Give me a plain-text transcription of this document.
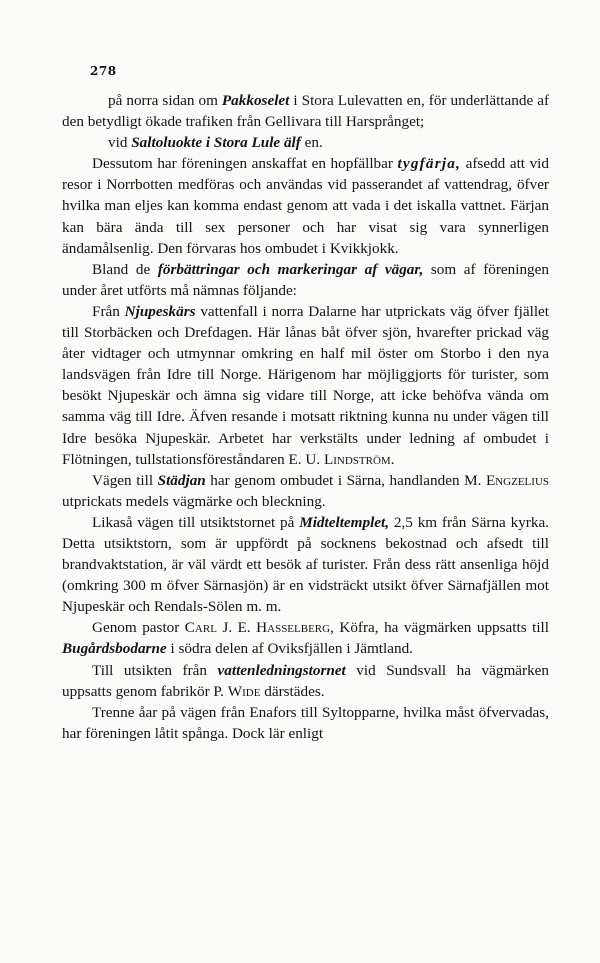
278

på norra sidan om Pakkoselet i Stora Lulevatten en, för underlättande af den betydligt ökade trafiken från Gellivara till Harsprånget;

vid Saltoluokte i Stora Lule älf en.

Dessutom har föreningen anskaffat en hopfällbar tygfärja, afsedd att vid resor i Norrbotten medföras och användas vid passerandet af vattendrag, öfver hvilka man eljes kan komma endast genom att vada i det iskalla vattnet. Färjan kan bära ända till sex personer och har visat sig vara synnerligen ändamålsenlig. Den förvaras hos ombudet i Kvikkjokk.

Bland de förbättringar och markeringar af vägar, som af föreningen under året utförts må nämnas följande:

Från Njupeskärs vattenfall i norra Dalarne har utprickats väg öfver fjället till Storbäcken och Drefdagen. Här lånas båt öfver sjön, hvarefter prickad väg åter vidtager och utmynnar omkring en half mil öster om Storbo i den nya landsvägen från Idre till Norge. Härigenom har möjliggjorts för turister, som besökt Njupeskär och ämna sig vidare till Norge, att icke behöfva vända om samma väg till Idre. Äfven resande i motsatt riktning kunna nu under vägen till Idre besöka Njupeskär. Arbetet har verkstälts under ledning af ombudet i Flötningen, tullstationsföreståndaren E. U. Lindström.

Vägen till Städjan har genom ombudet i Särna, handlanden M. Engzelius utprickats medels vägmärke och bleckning.

Likaså vägen till utsiktstornet på Midteltemplet, 2,5 km från Särna kyrka. Detta utsiktstorn, som är uppfördt på socknens bekostnad och afsedt till brandvaktstation, är väl värdt ett besök af turister. Från dess rätt ansenliga höjd (omkring 300 m öfver Särnasjön) är en vidsträckt utsikt öfver Särnafjällen mot Njupeskär och Rendals-Sölen m. m.

Genom pastor Carl J. E. Hasselberg, Köfra, ha vägmärken uppsatts till Bugårdsbodarne i södra delen af Oviksfjällen i Jämtland.

Till utsikten från vattenledningstornet vid Sundsvall ha vägmärken uppsatts genom fabrikör P. Wide därstädes.

Trenne åar på vägen från Enafors till Syltopparne, hvilka måst öfvervadas, har föreningen låtit spånga. Dock lär enligt
